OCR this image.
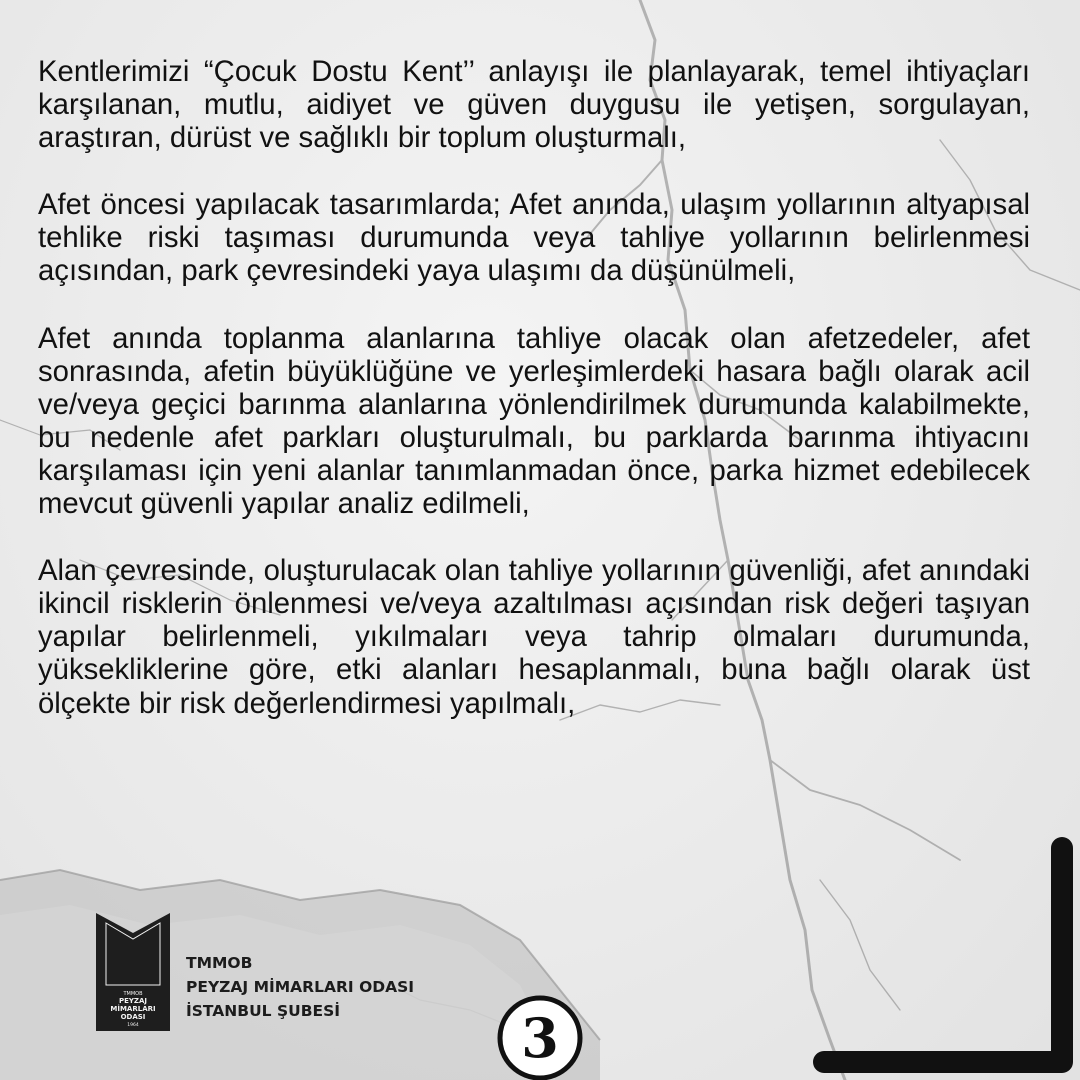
Kentlerimizi “Çocuk Dostu Kent’’ anlayışı ile planlayarak, temel ihtiyaçları karşılanan, mutlu, aidiyet ve güven duygusu ile yetişen, sorgulayan, araştıran, dürüst ve sağlıklı bir toplum oluşturmalı,

Afet öncesi yapılacak tasarımlarda; Afet anında, ulaşım yollarının altyapısal tehlike riski taşıması durumunda veya tahliye yollarının belirlenmesi açısından, park çevresindeki yaya ulaşımı da düşünülmeli,

Afet anında toplanma alanlarına tahliye olacak olan afetzedeler, afet sonrasında, afetin büyüklüğüne ve yerleşimlerdeki hasara bağlı olarak acil ve/veya geçici barınma alanlarına yönlendirilmek durumunda kalabilmekte, bu nedenle afet parkları oluşturulmalı, bu parklarda barınma ihtiyacını karşılaması için yeni alanlar tanımlanmadan önce, parka hizmet edebilecek mevcut güvenli yapılar analiz edilmeli,

Alan çevresinde, oluşturulacak olan tahliye yollarının güvenliği, afet anındaki ikincil risklerin önlenmesi ve/veya azaltılması açısından risk değeri taşıyan yapılar belirlenmeli, yıkılmaları veya tahrip olmaları durumunda, yüksekliklerine göre, etki alanları hesaplanmalı, buna bağlı olarak üst ölçekte bir risk değerlendirmesi yapılmalı,

TMMOB
PEYZAJ
MİMARLARI
ODASI
1964
TMMOB
PEYZAJ MİMARLARI ODASI
İSTANBUL ŞUBESİ	3
